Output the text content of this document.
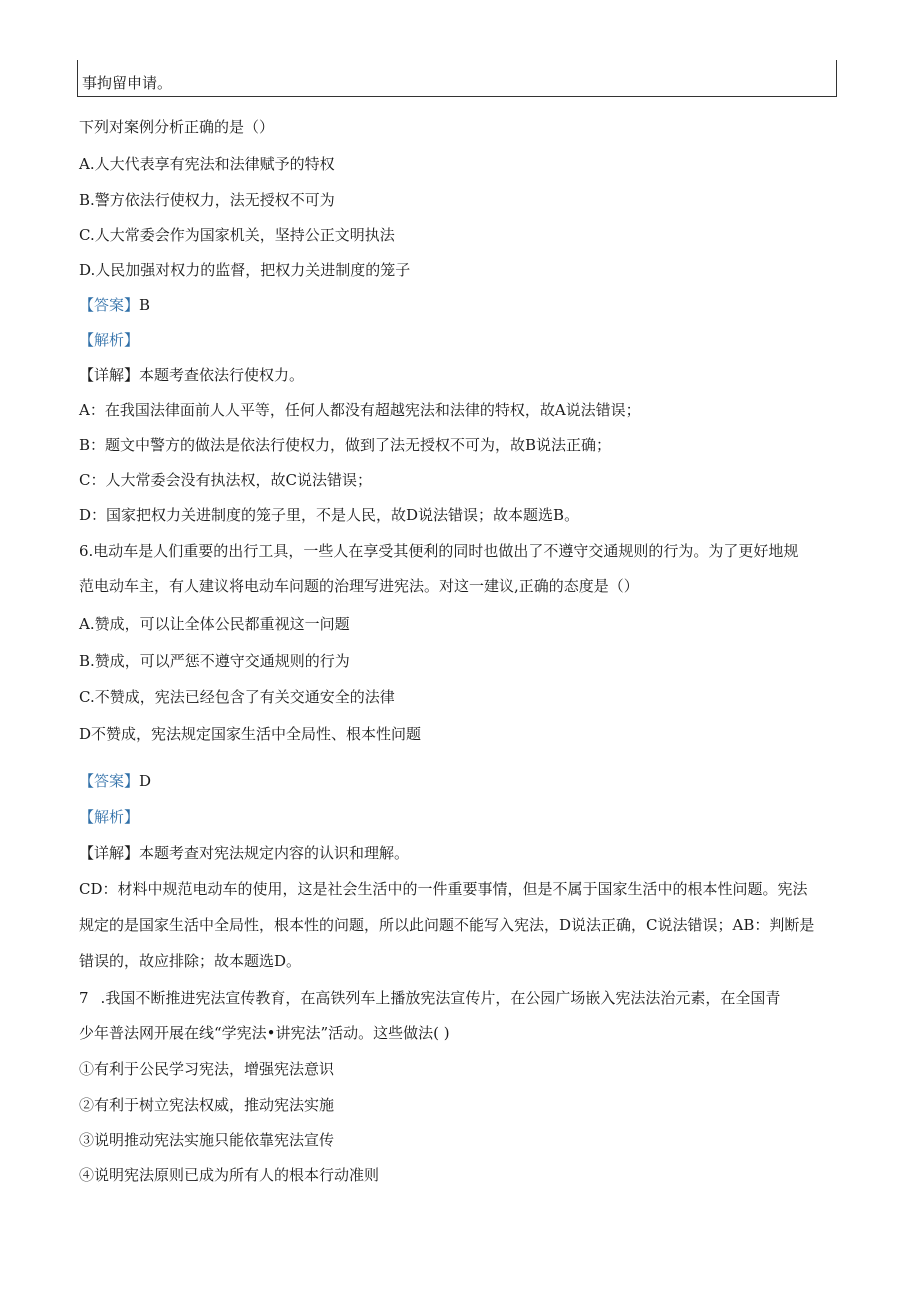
事拘留申请。
下列对案例分析正确的是（）
A.人大代表享有宪法和法律赋予的特权
B.警方依法行使权力，法无授权不可为
C.人大常委会作为国家机关，坚持公正文明执法
D.人民加强对权力的监督，把权力关进制度的笼子
【答案】B
【解析】
【详解】本题考查依法行使权力。
A：在我国法律面前人人平等，任何人都没有超越宪法和法律的特权，故A说法错误；
B：题文中警方的做法是依法行使权力，做到了法无授权不可为，故B说法正确；
C：人大常委会没有执法权，故C说法错误；
D：国家把权力关进制度的笼子里，不是人民，故D说法错误；故本题选B。
6.电动车是人们重要的出行工具，一些人在享受其便利的同时也做出了不遵守交通规则的行为。为了更好地规
范电动车主，有人建议将电动车问题的治理写进宪法。对这一建议,正确的态度是（）
A.赞成，可以让全体公民都重视这一问题
B.赞成，可以严惩不遵守交通规则的行为
C.不赞成，宪法已经包含了有关交通安全的法律
D不赞成，宪法规定国家生活中全局性、根本性问题
【答案】D
【解析】
【详解】本题考查对宪法规定内容的认识和理解。
CD：材料中规范电动车的使用，这是社会生活中的一件重要事情，但是不属于国家生活中的根本性问题。宪法
规定的是国家生活中全局性，根本性的问题，所以此问题不能写入宪法，D说法正确，C说法错误；AB：判断是
错误的，故应排除；故本题选D。
7 .我国不断推进宪法宣传教育，在高铁列车上播放宪法宣传片，在公园广场嵌入宪法法治元素，在全国青
少年普法网开展在线“学宪法•讲宪法”活动。这些做法( )
①有利于公民学习宪法，增强宪法意识
②有利于树立宪法权威，推动宪法实施
③说明推动宪法实施只能依靠宪法宣传
④说明宪法原则已成为所有人的根本行动准则
